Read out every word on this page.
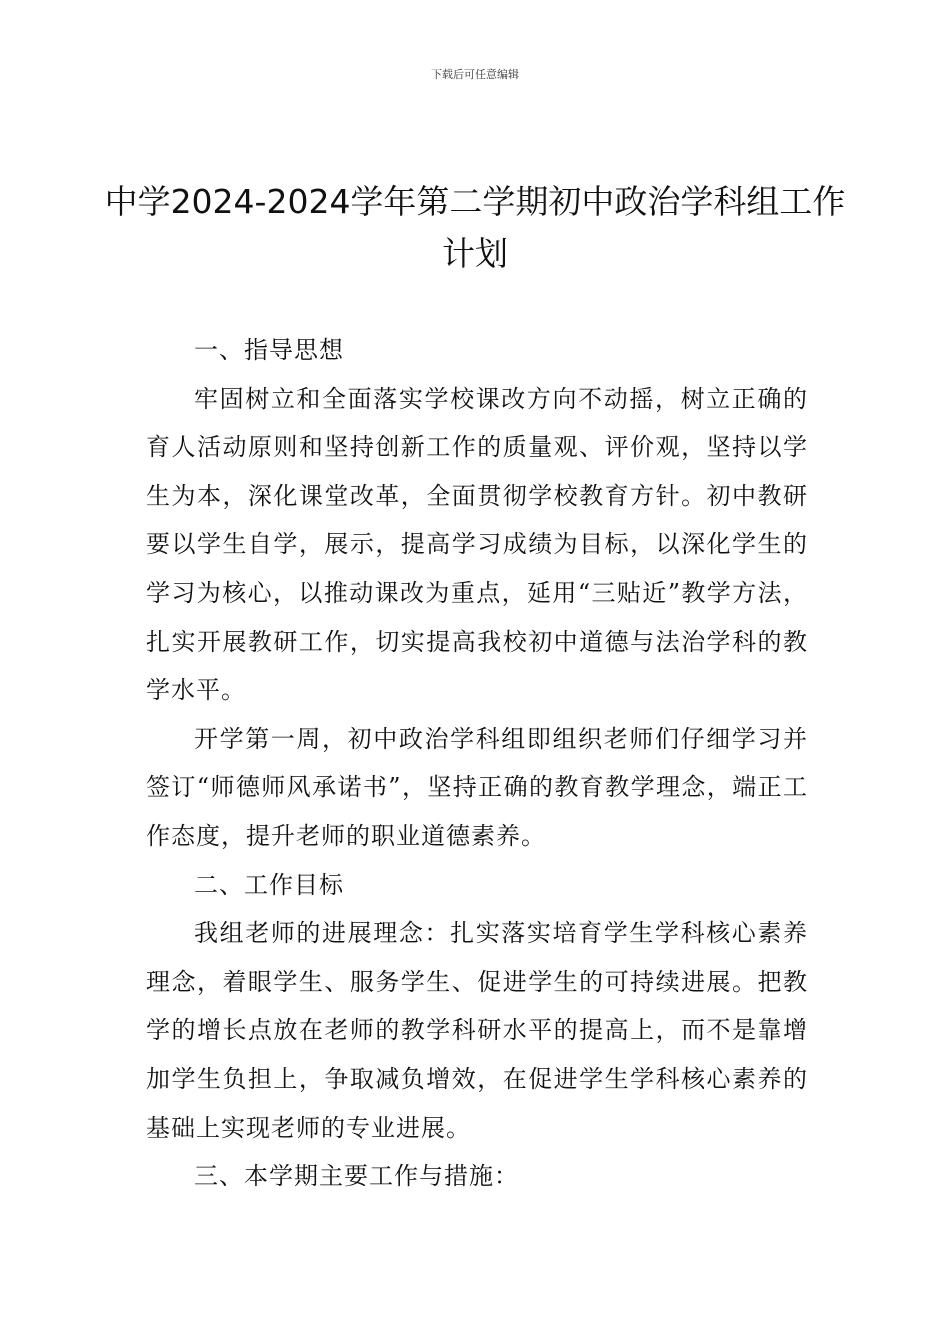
下载后可任意编辑
中学2024-2024学年第二学期初中政治学科组工作计划

一、指导思想

牢固树立和全面落实学校课改方向不动摇，树立正确的育人活动原则和坚持创新工作的质量观、评价观，坚持以学生为本，深化课堂改革，全面贯彻学校教育方针。初中教研要以学生自学，展示，提高学习成绩为目标，以深化学生的学习为核心，以推动课改为重点，延用“三贴近”教学方法，扎实开展教研工作，切实提高我校初中道德与法治学科的教学水平。

开学第一周，初中政治学科组即组织老师们仔细学习并签订“师德师风承诺书”，坚持正确的教育教学理念，端正工作态度，提升老师的职业道德素养。

二、工作目标

我组老师的进展理念：扎实落实培育学生学科核心素养理念，着眼学生、服务学生、促进学生的可持续进展。把教学的增长点放在老师的教学科研水平的提高上，而不是靠增加学生负担上，争取减负增效，在促进学生学科核心素养的基础上实现老师的专业进展。

三、本学期主要工作与措施：
